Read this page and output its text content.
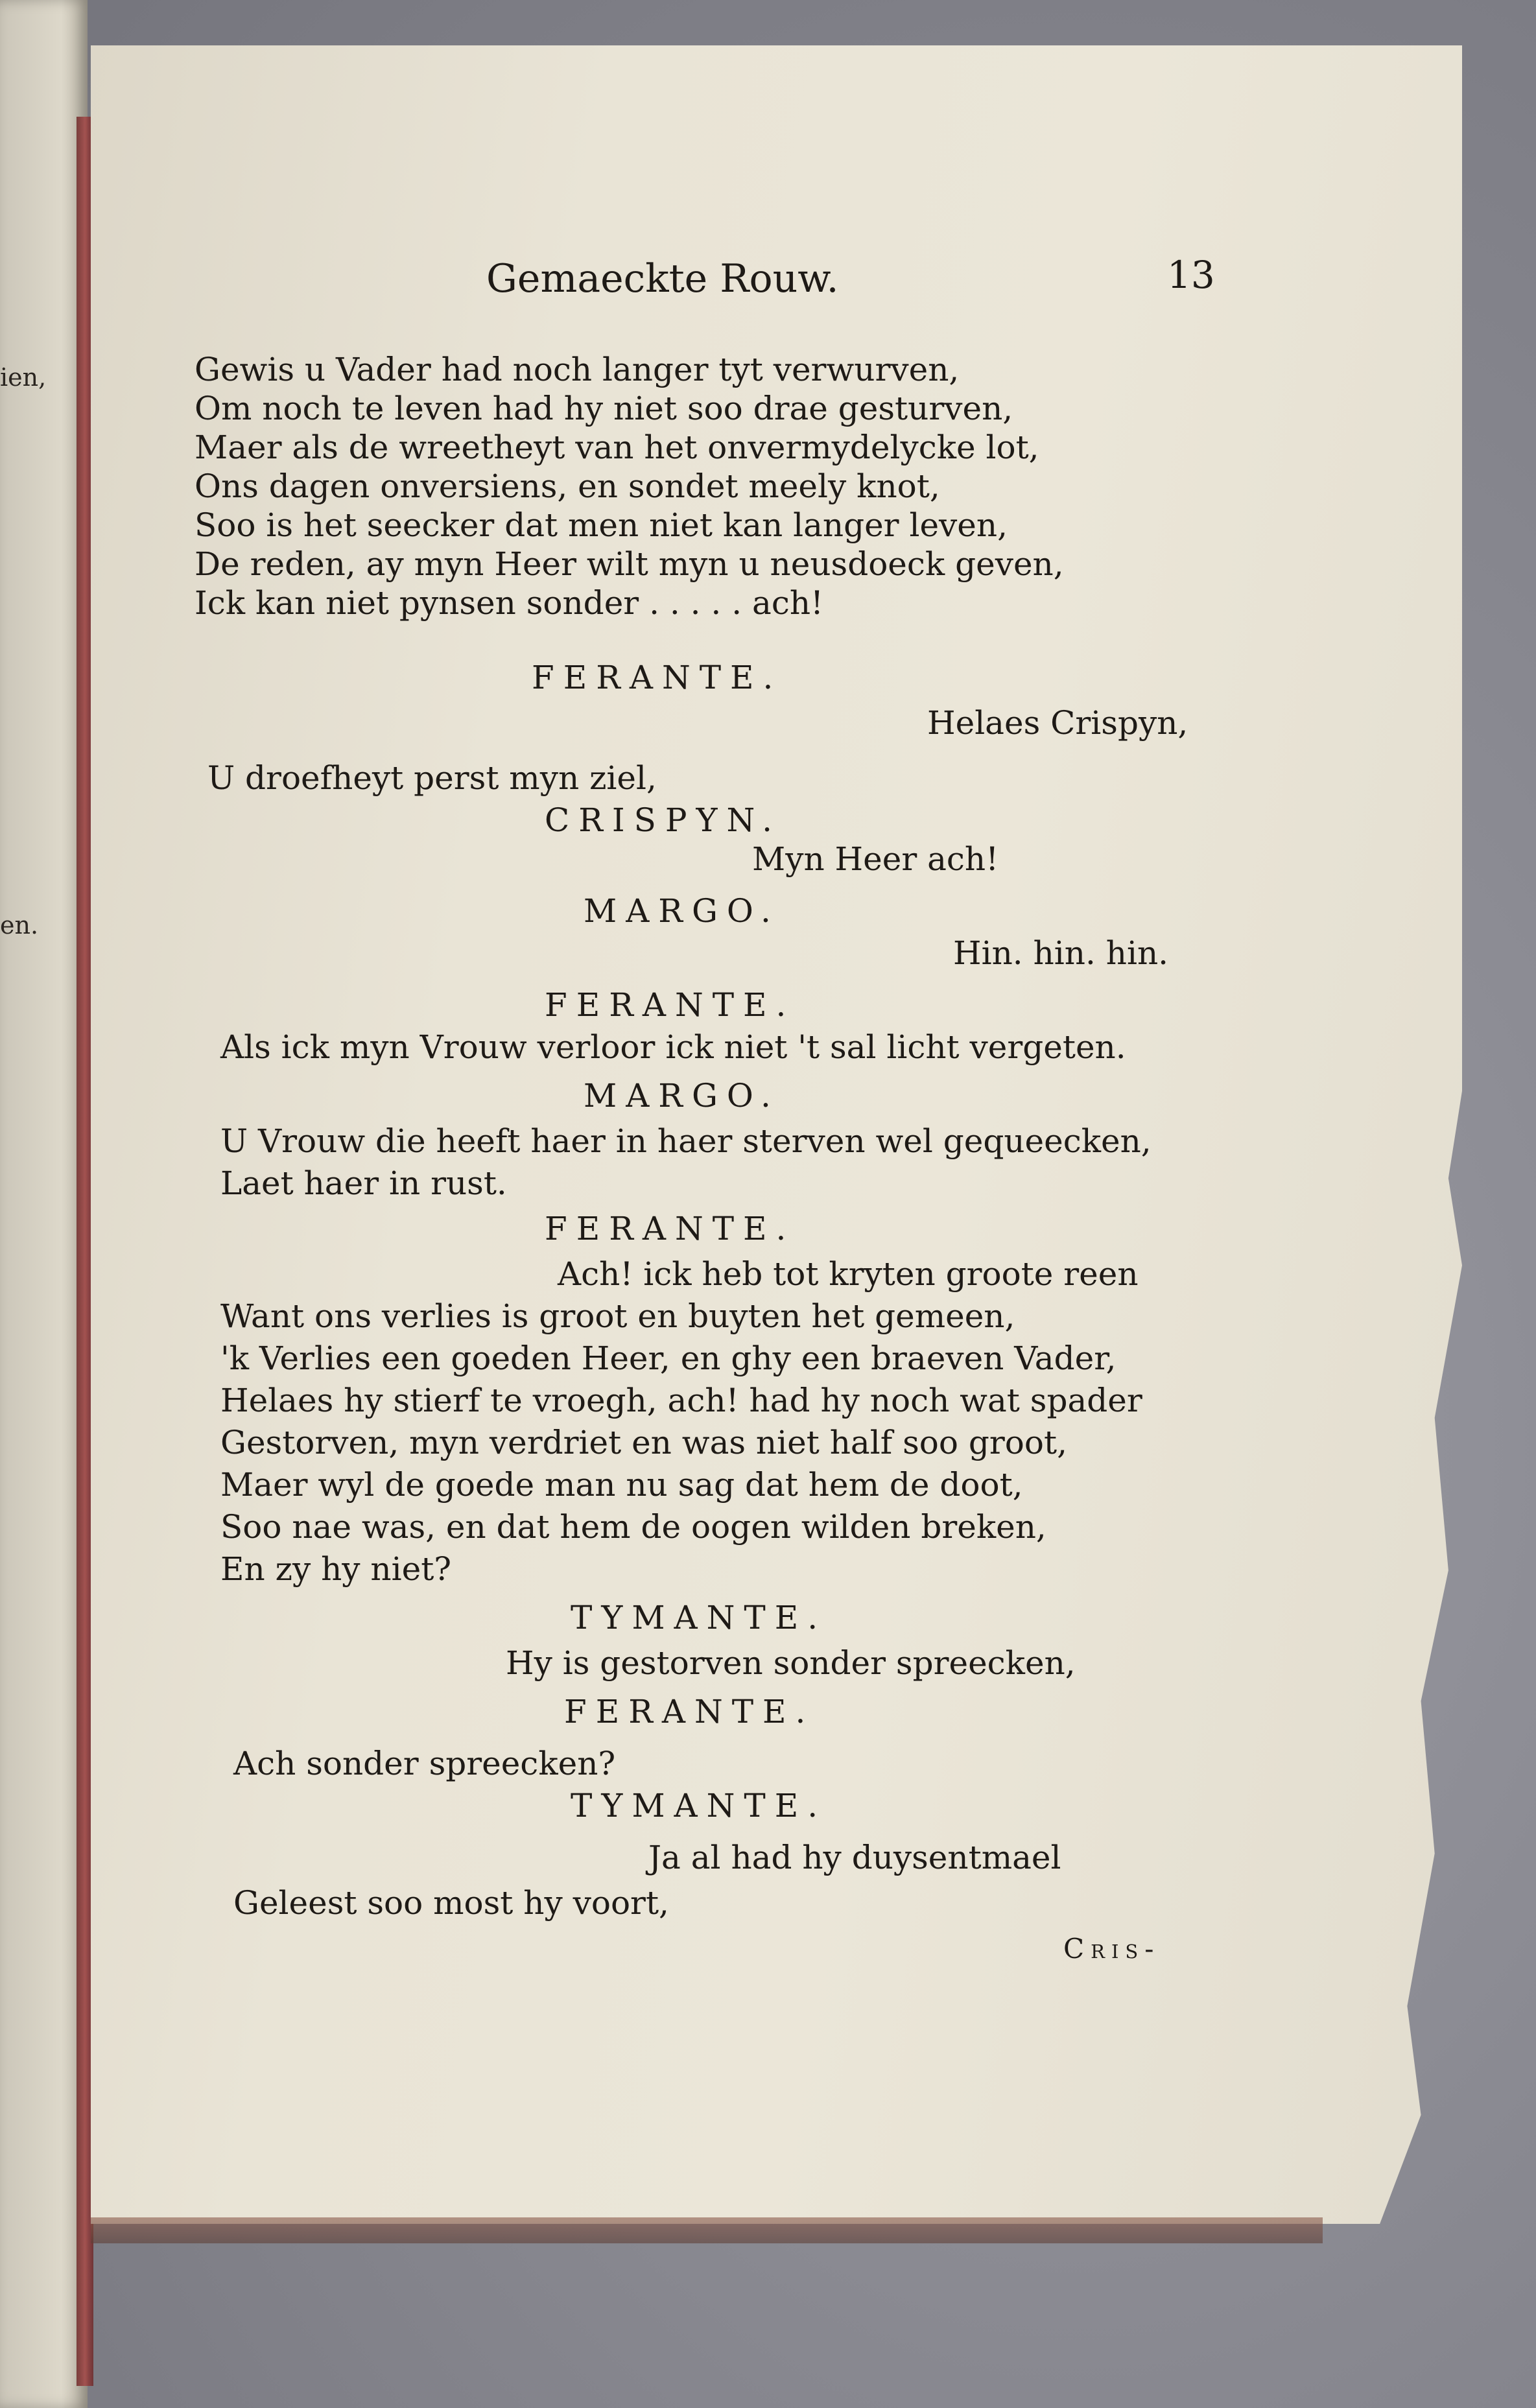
ien,
en.
Gemaeckte Rouw.	13
Gewis u Vader had noch langer tyt verwurven,
Om noch te leven had hy niet soo drae gesturven,
Maer als de wreetheyt van het onvermydelycke lot,
Ons dagen onversiens, en sondet meely knot,
Soo is het seecker dat men niet kan langer leven,
De reden, ay myn Heer wilt myn u neusdoeck geven,
Ick kan niet pynsen sonder . . . . . ach!
FERANTE.
Helaes Crispyn,
U droefheyt perst myn ziel,
CRISPYN.
Myn Heer ach!
MARGO.
Hin. hin. hin.
FERANTE.
Als ick myn Vrouw verloor ick niet 't sal licht vergeten.
MARGO.
U Vrouw die heeft haer in haer sterven wel gequeecken,
Laet haer in rust.
FERANTE.
Ach! ick heb tot kryten groote reen
Want ons verlies is groot en buyten het gemeen,
'k Verlies een goeden Heer, en ghy een braeven Vader,
Helaes hy stierf te vroegh, ach! had hy noch wat spader
Gestorven, myn verdriet en was niet half soo groot,
Maer wyl de goede man nu sag dat hem de doot,
Soo nae was, en dat hem de oogen wilden breken,
En zy hy niet?
TYMANTE.
Hy is gestorven sonder spreecken,
FERANTE.
Ach sonder spreecken?
TYMANTE.
Ja al had hy duysentmael
Geleest soo most hy voort,
Cris-
